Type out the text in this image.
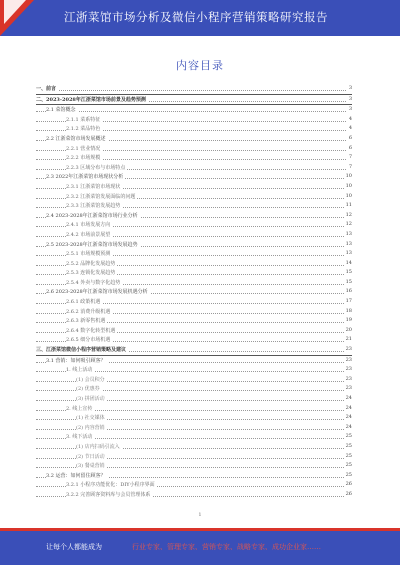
江浙菜馆市场分析及微信小程序营销策略研究报告
内容目录
一、前言	3
二、2023-2028年江浙菜馆市场前景及趋势预测	3
2.1 菜馆概念	3
2.1.1 菜系特征	4
2.1.2 菜品特色	4
2.2 江浙菜馆市场发展概述	6
2.2.1 营业情况	6
2.2.2 市场规模	7
2.2.3 区域分布与市场特点	7
2.3 2022年江浙菜馆市场现状分析	10
2.3.1 江浙菜馆市场现状	10
2.3.2 江浙菜馆发展面临的问题	10
2.3.3 江浙菜馆发展趋势	11
2.4 2023-2028年江浙菜馆市场行业分析	12
2.4.1 市场发展方向	12
2.4.2 市场前景展望	13
2.5 2023-2028年江浙菜馆市场发展趋势	13
2.5.1 市场规模预测	13
2.5.2 品牌化发展趋势	14
2.5.3 连锁化发展趋势	15
2.5.4 外卖与数字化趋势	15
2.6 2023-2028年江浙菜馆市场发展机遇分析	16
2.6.1 政策机遇	17
2.6.2 消费升级机遇	18
2.6.3 新零售机遇	19
2.6.4 数字化转型机遇	20
2.6.5 细分市场机遇	21
三、江浙菜馆微信小程序营销策略及建议	23
3.1 营销：如何吸引顾客？	23
1. 线上活动	23
(1) 会员积分	23
(2) 优惠券	23
(3) 拼团活动	24
2. 线上宣传	24
(1) 社交媒体	24
(2) 内容营销	24
3. 线下活动	25
(1) 店内扫码引流入	25
(2) 节日活动	25
(3) 餐桌营销	25
3.2 运营：如何留住顾客？	25
3.2.1 小程序功能优化：DIY小程序界面	26
3.2.2 完善顾客资料库与会员管理体系	26
1
让每个人都能成为	行业专家、管理专家、营销专家、战略专家、成功企业家……
